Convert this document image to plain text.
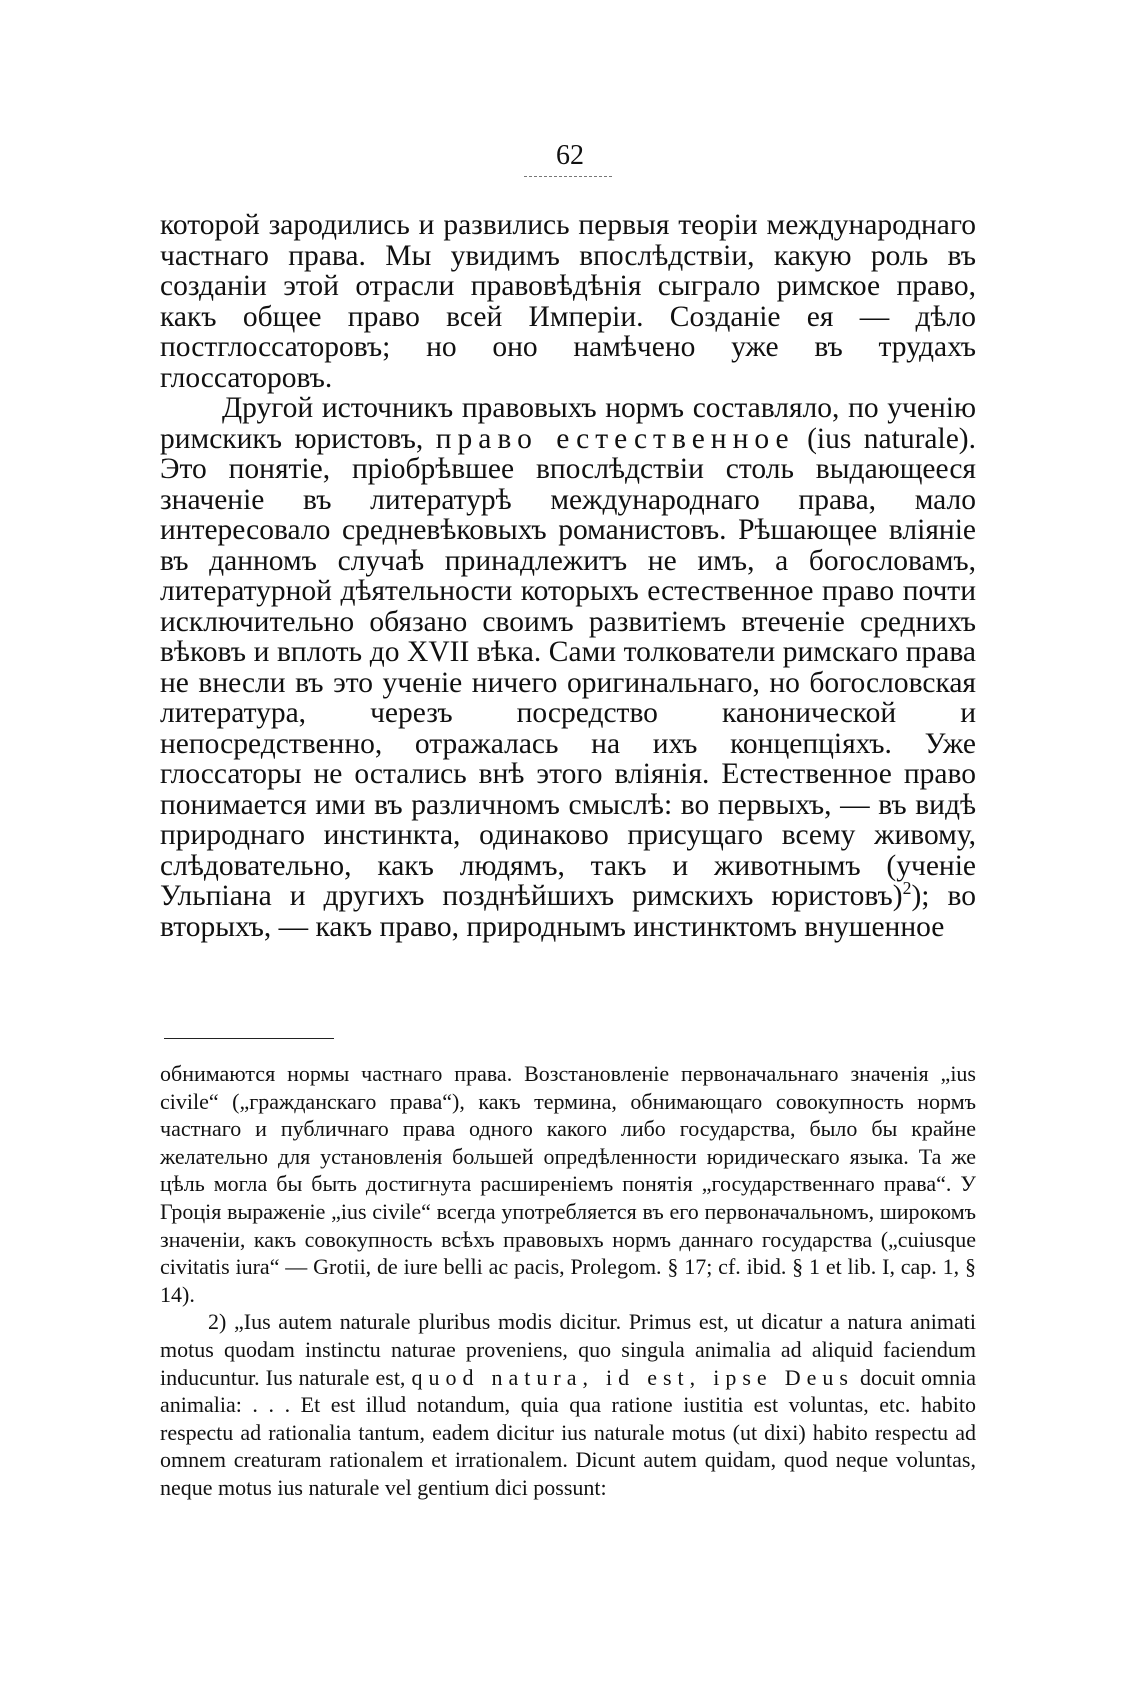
62

которой зародились и развились первыя теоріи международнаго частнаго права. Мы увидимъ впослѣдствіи, какую роль въ созданіи этой отрасли правовѣдѣнія сыграло римское право, какъ общее право всей Имперіи. Созданіе ея — дѣло постглоссаторовъ; но оно намѣчено уже въ трудахъ глоссаторовъ.

Другой источникъ правовыхъ нормъ составляло, по ученію римскикъ юристовъ, право естественное (ius naturale). Это понятіе, пріобрѣвшее впослѣдствіи столь выдающееся значеніе въ литературѣ международнаго права, мало интересовало средневѣковыхъ романистовъ. Рѣшающее вліяніе въ данномъ случаѣ принадлежитъ не имъ, а богословамъ, литературной дѣятельности которыхъ естественное право почти исключительно обязано своимъ развитіемъ втеченіе среднихъ вѣковъ и вплоть до XVII вѣка. Сами толкователи римскаго права не внесли въ это ученіе ничего оригинальнаго, но богословская литература, черезъ посредство канонической и непосредственно, отражалась на ихъ концепціяхъ. Уже глоссаторы не остались внѣ этого вліянія. Естественное право понимается ими въ различномъ смыслѣ: во первыхъ, — въ видѣ природнаго инстинкта, одинаково присущаго всему живому, слѣдовательно, какъ людямъ, такъ и животнымъ (ученіе Ульпіана и другихъ позднѣйшихъ римскихъ юристовъ)$^2$); во вторыхъ, — какъ право, природнымъ инстинктомъ внушенное

обнимаются нормы частнаго права. Возстановленіе первоначальнаго значенія „ius civile“ („гражданскаго права“), какъ термина, обнимающаго совокупность нормъ частнаго и публичнаго права одного какого либо государства, было бы крайне желательно для установленія большей опредѣленности юридическаго языка. Та же цѣль могла бы быть достигнута расширеніемъ понятія „государственнаго права“. У Гроція выраженіе „ius civile“ всегда употребляется въ его первоначальномъ, широкомъ значеніи, какъ совокупность всѣхъ правовыхъ нормъ даннаго государства („cuiusque civitatis iura“ — Grotii, de iure belli ac pacis, Prolegom. § 17; cf. ibid. § 1 et lib. I, cap. 1, § 14).

2) „Ius autem naturale pluribus modis dicitur. Primus est, ut dicatur a natura animati motus quodam instinctu naturae proveniens, quo singula animalia ad aliquid faciendum inducuntur. Ius naturale est, quod natura, id est, ipse Deus docuit omnia animalia: . . . Et est illud notandum, quia qua ratione iustitia est voluntas, etc. habito respectu ad rationalia tantum, eadem dicitur ius naturale motus (ut dixi) habito respectu ad omnem creaturam rationalem et irrationalem. Dicunt autem quidam, quod neque voluntas, neque motus ius naturale vel gentium dici possunt:
